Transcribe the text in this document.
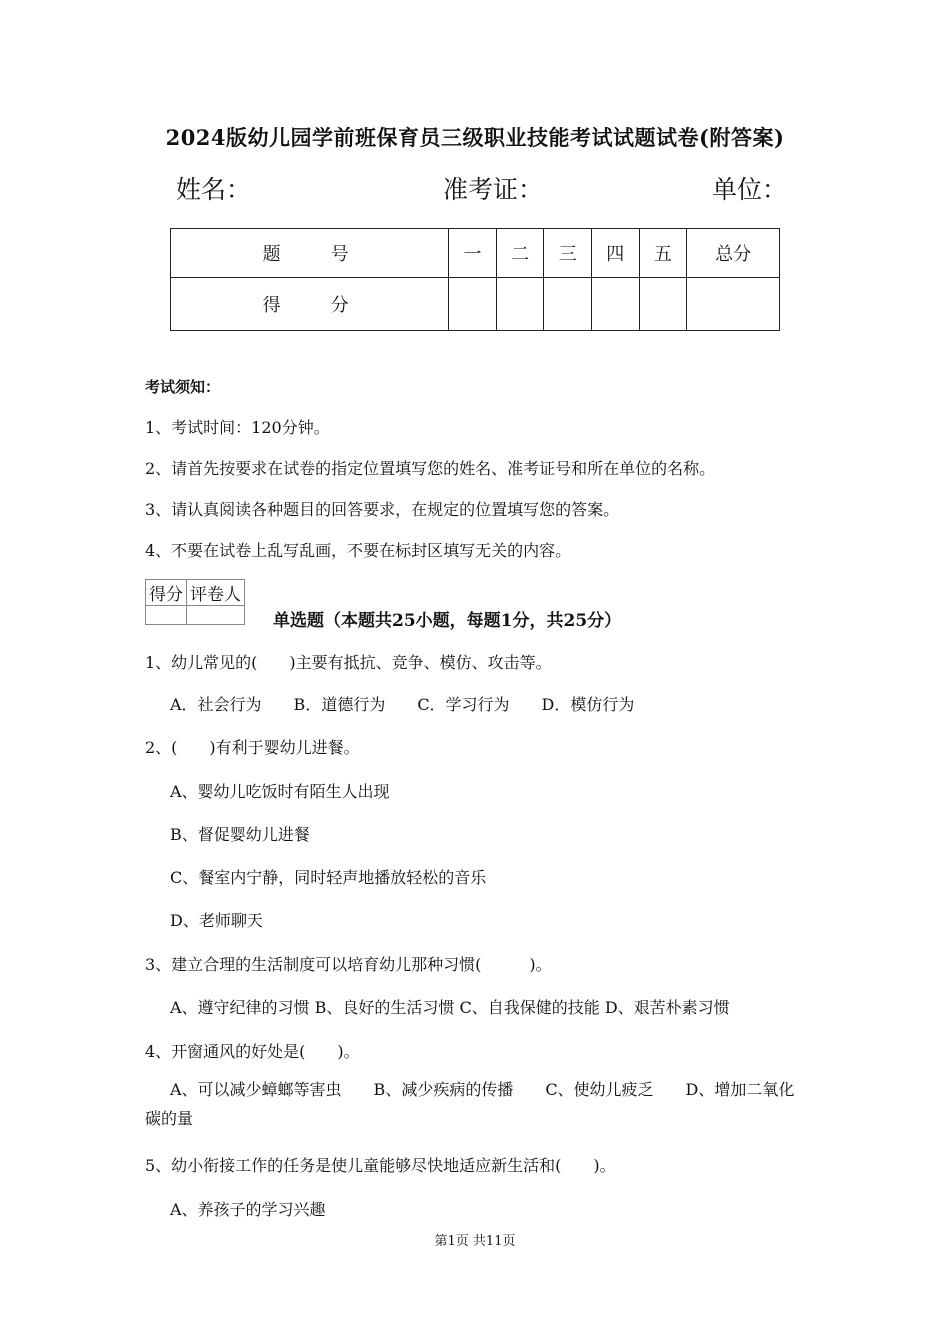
2024版幼儿园学前班保育员三级职业技能考试试题试卷(附答案)
姓名：	准考证：	单位：
题　号	一	二	三	四	五	总分
得　分						
考试须知：
1、考试时间：120分钟。
2、请首先按要求在试卷的指定位置填写您的姓名、准考证号和所在单位的名称。
3、请认真阅读各种题目的回答要求，在规定的位置填写您的答案。
4、不要在试卷上乱写乱画，不要在标封区填写无关的内容。
得分	评卷人

单选题（本题共25小题，每题1分，共25分）
1、幼儿常见的(　　)主要有抵抗、竞争、模仿、攻击等。
A．社会行为　　B．道德行为　　C．学习行为　　D．模仿行为
2、(　　)有利于婴幼儿进餐。
A、婴幼儿吃饭时有陌生人出现
B、督促婴幼儿进餐
C、餐室内宁静，同时轻声地播放轻松的音乐
D、老师聊天
3、建立合理的生活制度可以培育幼儿那种习惯(　　　)。
A、遵守纪律的习惯 B、良好的生活习惯 C、自我保健的技能 D、艰苦朴素习惯
4、开窗通风的好处是(　　)。
A、可以减少蟑螂等害虫　　B、减少疾病的传播　　C、使幼儿疲乏　　D、增加二氧化碳的量
5、幼小衔接工作的任务是使儿童能够尽快地适应新生活和(　　)。
A、养孩子的学习兴趣
第1页 共11页
